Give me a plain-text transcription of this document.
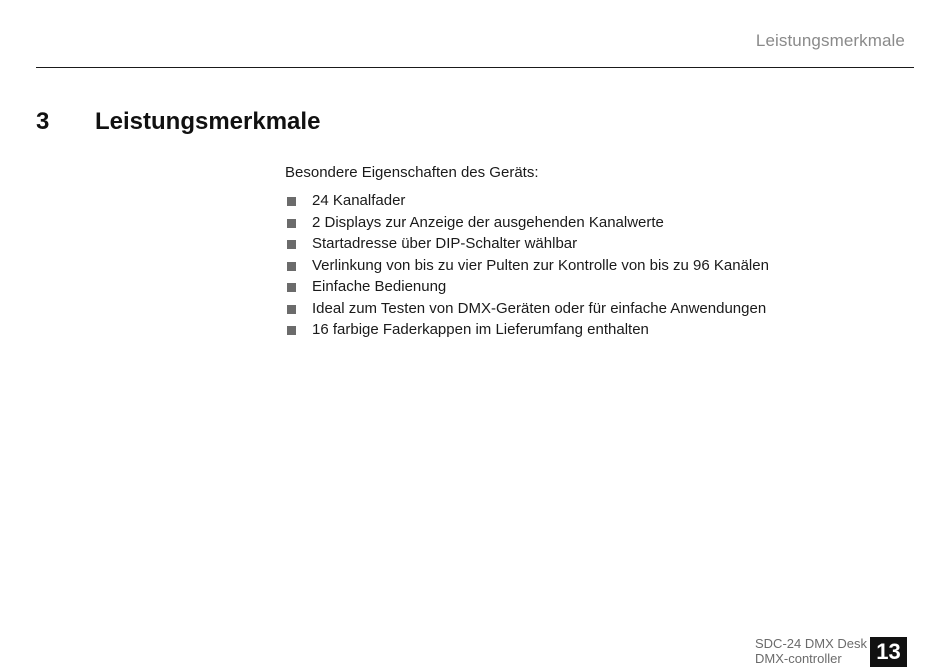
Leistungsmerkmale
3 Leistungsmerkmale
Besondere Eigenschaften des Geräts:
24 Kanalfader
2 Displays zur Anzeige der ausgehenden Kanalwerte
Startadresse über DIP-Schalter wählbar
Verlinkung von bis zu vier Pulten zur Kontrolle von bis zu 96 Kanälen
Einfache Bedienung
Ideal zum Testen von DMX-Geräten oder für einfache Anwendungen
16 farbige Faderkappen im Lieferumfang enthalten
SDC-24 DMX Desk
DMX-controller	13
